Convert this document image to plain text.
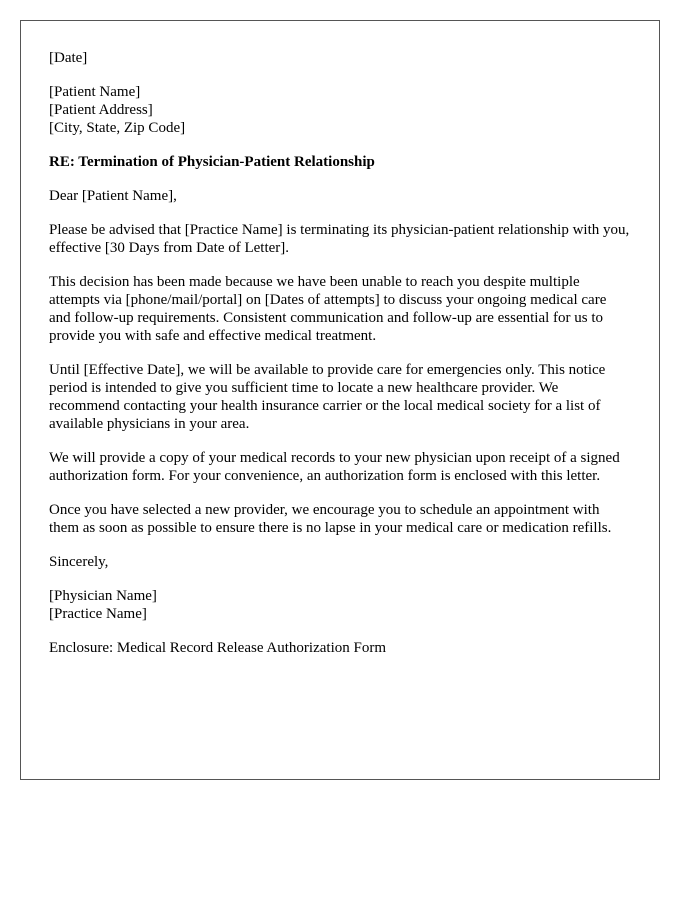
[Date]
[Patient Name]
[Patient Address]
[City, State, Zip Code]
RE: Termination of Physician-Patient Relationship

Dear [Patient Name],

Please be advised that [Practice Name] is terminating its physician-patient relationship with you, effective [30 Days from Date of Letter].

This decision has been made because we have been unable to reach you despite multiple attempts via [phone/mail/portal] on [Dates of attempts] to discuss your ongoing medical care and follow-up requirements. Consistent communication and follow-up are essential for us to provide you with safe and effective medical treatment.

Until [Effective Date], we will be available to provide care for emergencies only. This notice period is intended to give you sufficient time to locate a new healthcare provider. We recommend contacting your health insurance carrier or the local medical society for a list of available physicians in your area.

We will provide a copy of your medical records to your new physician upon receipt of a signed authorization form. For your convenience, an authorization form is enclosed with this letter.

Once you have selected a new provider, we encourage you to schedule an appointment with them as soon as possible to ensure there is no lapse in your medical care or medication refills.

Sincerely,

[Physician Name]
[Practice Name]
Enclosure: Medical Record Release Authorization Form
